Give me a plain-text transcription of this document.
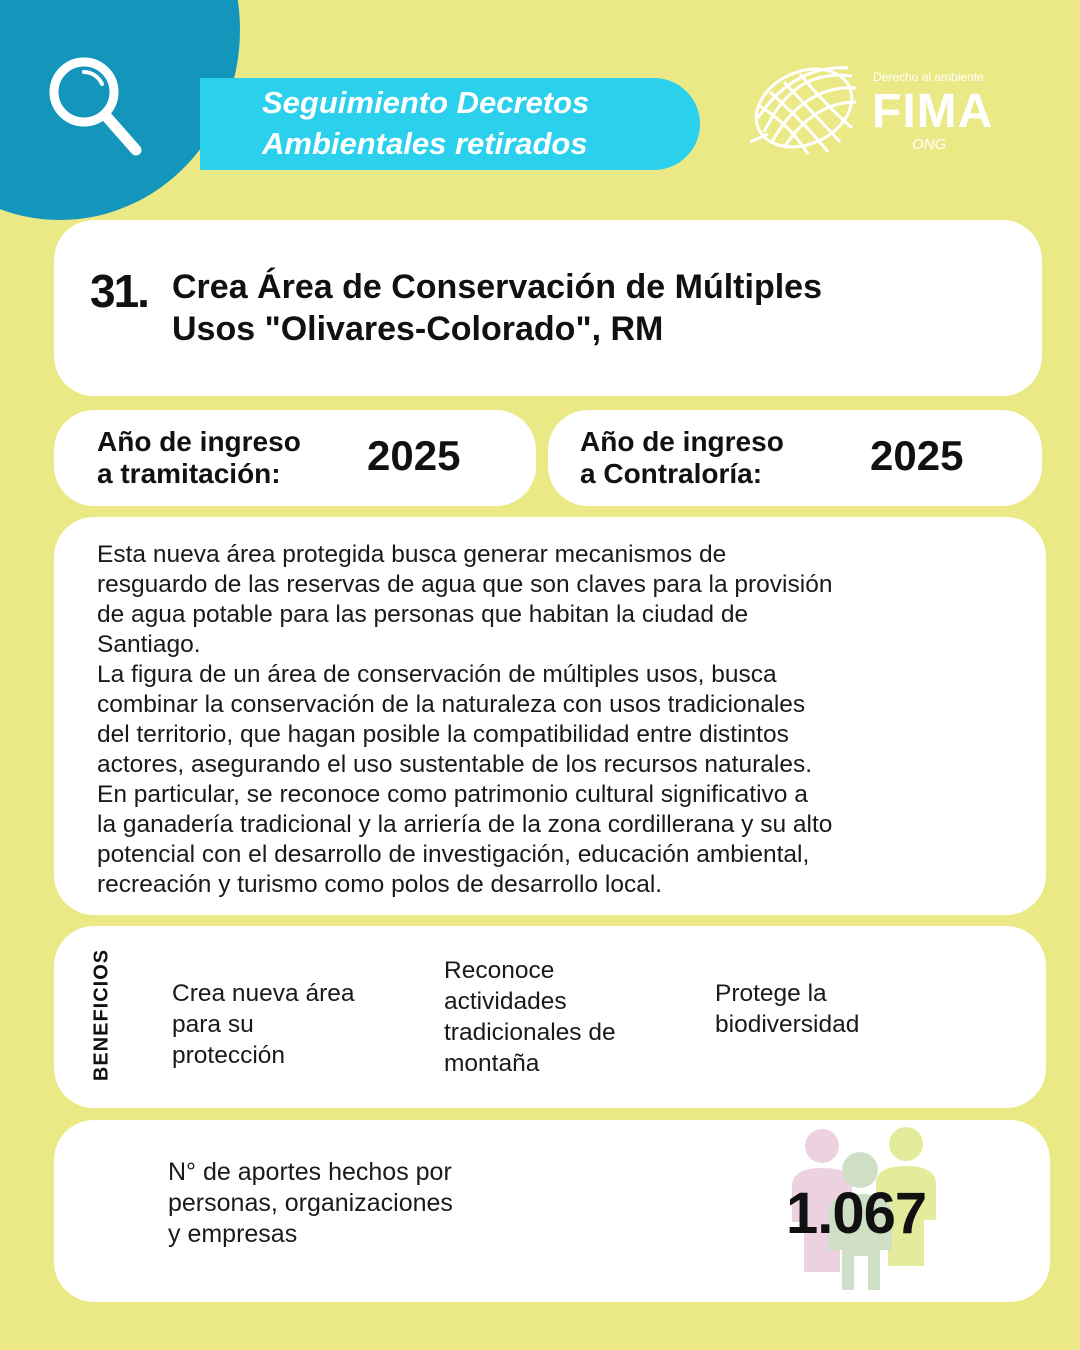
Seguimiento Decretos
Ambientales retirados
Derecho al ambiente
FIMA
ONG
31. Crea Área de Conservación de Múltiples
Usos "Olivares-Colorado", RM
Año de ingreso
a tramitación:	2025	Año de ingreso
a Contraloría:	2025
Esta nueva área protegida busca generar mecanismos de
resguardo de las reservas de agua que son claves para la provisión
de agua potable para las personas que habitan la ciudad de
Santiago.
La figura de un área de conservación de múltiples usos, busca
combinar la conservación de la naturaleza con usos tradicionales
del territorio, que hagan posible la compatibilidad entre distintos
actores, asegurando el uso sustentable de los recursos naturales.
En particular, se reconoce como patrimonio cultural significativo a
la ganadería tradicional y la arriería de la zona cordillerana y su alto
potencial con el desarrollo de investigación, educación ambiental,
recreación y turismo como polos de desarrollo local.
BENEFICIOS Crea nueva área
para su
protección
Reconoce
actividades
tradicionales de
montaña
Protege la
biodiversidad
N° de aportes hechos por
personas, organizaciones
y empresas	1.067
